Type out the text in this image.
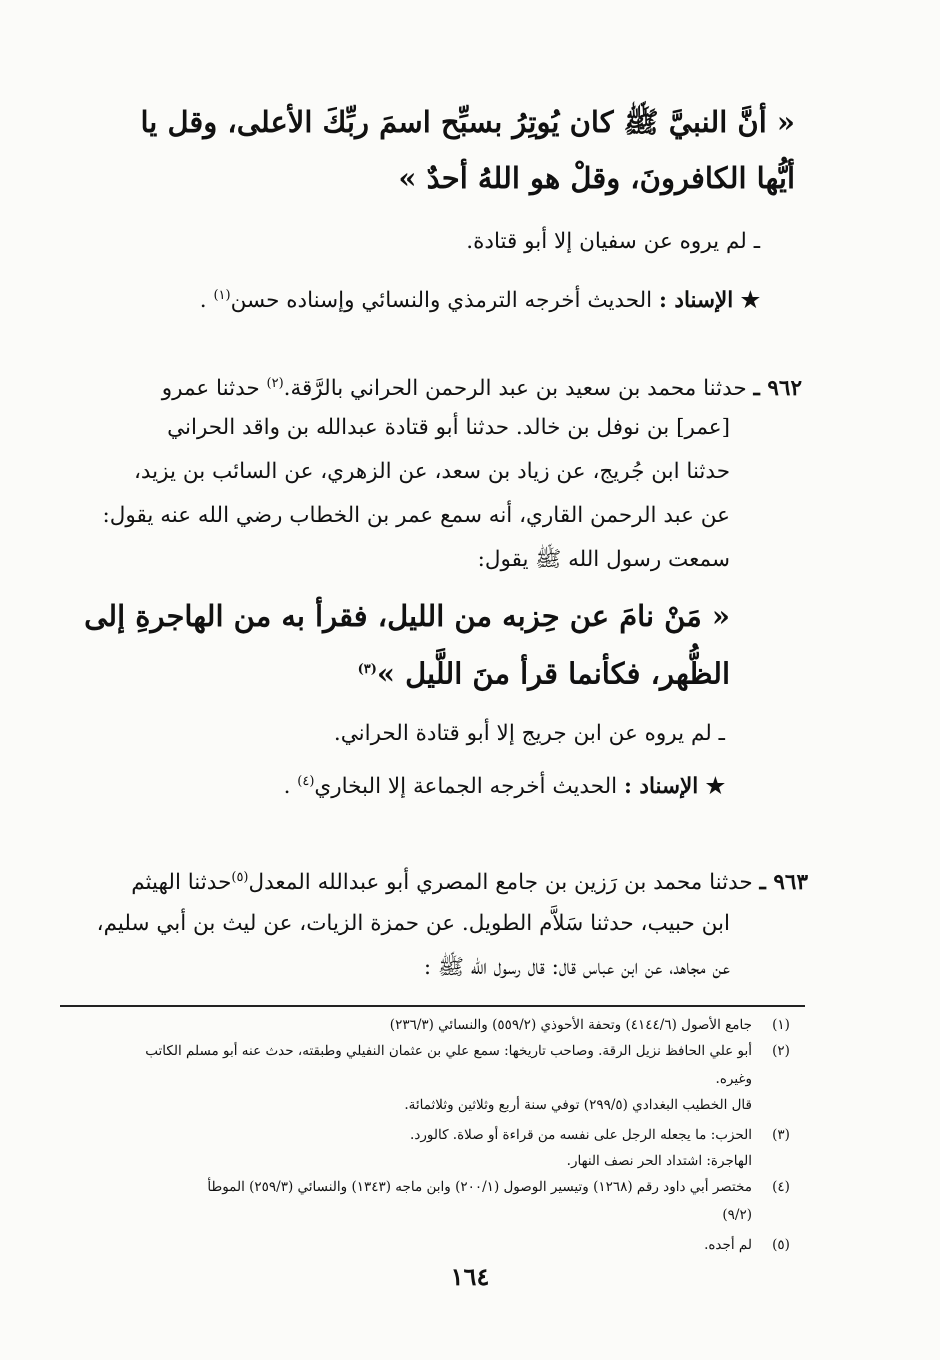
« أنَّ النبيَّ ﷺ كان يُوتِرُ بسبِّح اسمَ ربِّكَ الأعلى، وقل يا

أيُّها الكافرونَ، وقلْ هو اللهُ أحدٌ »

ـ لم يروه عن سفيان إلا أبو قتادة.

★ الإسناد : الحديث أخرجه الترمذي والنسائي وإسناده حسن$^{(١)}$ .

٩٦٢ ـ حدثنا محمد بن سعيد بن عبد الرحمن الحراني بالرَّقة.$^{(٢)}$ حدثنا عمرو

[عمر] بن نوفل بن خالد. حدثنا أبو قتادة عبدالله بن واقد الحراني

حدثنا ابن جُريج، عن زياد بن سعد، عن الزهري، عن السائب بن يزيد،

عن عبد الرحمن القاري، أنه سمع عمر بن الخطاب رضي الله عنه يقول:

سمعت رسول الله ﷺ يقول:

« مَنْ نامَ عن حِزبه من الليل، فقرأ به من الهاجرةِ إلى

الظُّهر، فكأنما قرأ منَ اللَّيل »$^{(٣)}$

ـ لم يروه عن ابن جريج إلا أبو قتادة الحراني.

★ الإسناد : الحديث أخرجه الجماعة إلا البخاري$^{(٤)}$ .

٩٦٣ ـ حدثنا محمد بن رَزين بن جامع المصري أبو عبدالله المعدل$^{(٥)}$حدثنا الهيثم

ابن حبيب، حدثنا سَلاَّم الطويل. عن حمزة الزيات، عن ليث بن أبي سليم،

عن مجاهد، عن ابن عباس قال: قال رسول الله ﷺ :

(١)
جامع الأصول (٤١٤٤/٦) وتحفة الأحوذي (٥٥٩/٢) والنسائي (٢٣٦/٣)
(٢)
أبو علي الحافظ نزيل الرقة. وصاحب تاريخها: سمع علي بن عثمان النفيلي وطبقته، حدث عنه أبو مسلم الكاتب
وغيره.
قال الخطيب البغدادي (٢٩٩/٥) توفي سنة أربع وثلاثين وثلاثمائة.
(٣)
الحزب: ما يجعله الرجل على نفسه من قراءة أو صلاة. كالورد.
الهاجرة: اشتداد الحر نصف النهار.
(٤)
مختصر أبي داود رقم (١٢٦٨) وتيسير الوصول (٢٠٠/١) وابن ماجه (١٣٤٣) والنسائي (٢٥٩/٣) الموطأ
(٩/٢)
(٥)
لم أجده.
١٦٤
